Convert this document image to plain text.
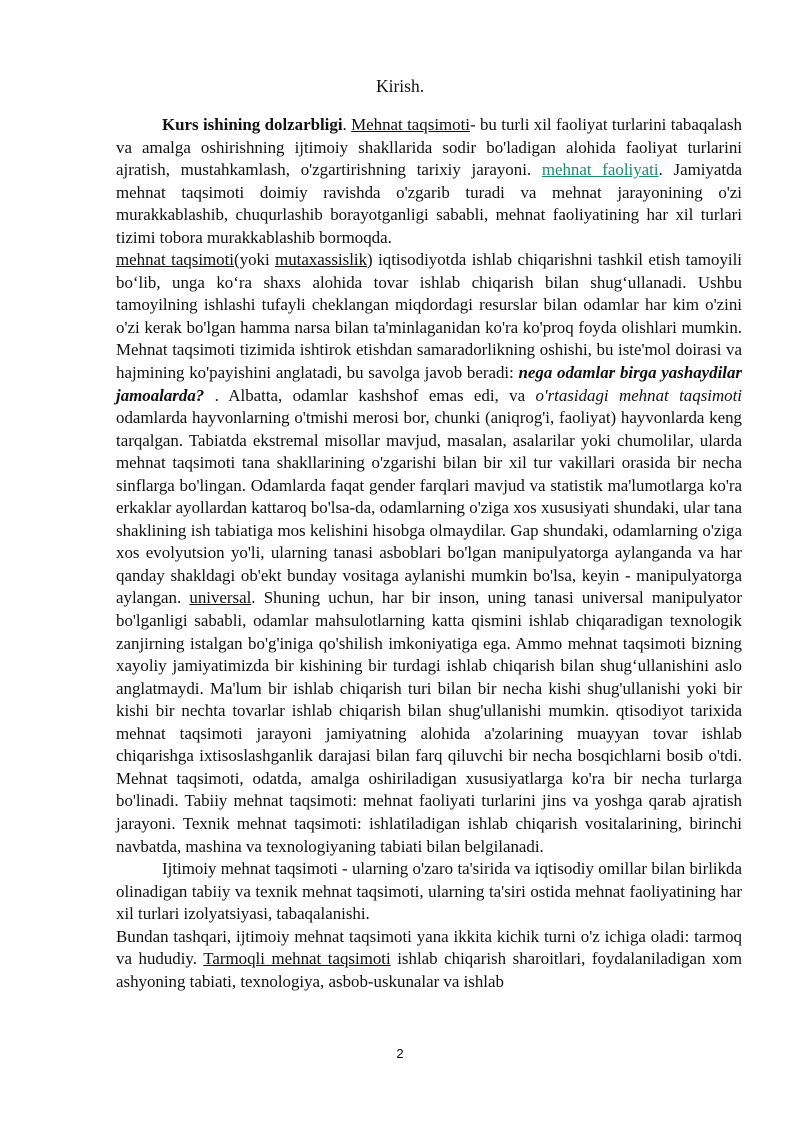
Kirish.

Kurs ishining dolzarbligi. Mehnat taqsimoti- bu turli xil faoliyat turlarini tabaqalash va amalga oshirishning ijtimoiy shakllarida sodir bo'ladigan alohida faoliyat turlarini ajratish, mustahkamlash, o'zgartirishning tarixiy jarayoni. mehnat faoliyati. Jamiyatda mehnat taqsimoti doimiy ravishda o'zgarib turadi va mehnat jarayonining o'zi murakkablashib, chuqurlashib borayotganligi sababli, mehnat faoliyatining har xil turlari tizimi tobora murakkablashib bormoqda.

mehnat taqsimoti(yoki mutaxassislik) iqtisodiyotda ishlab chiqarishni tashkil etish tamoyili bo‘lib, unga ko‘ra shaxs alohida tovar ishlab chiqarish bilan shug‘ullanadi. Ushbu tamoyilning ishlashi tufayli cheklangan miqdordagi resurslar bilan odamlar har kim o'zini o'zi kerak bo'lgan hamma narsa bilan ta'minlaganidan ko'ra ko'proq foyda olishlari mumkin. Mehnat taqsimoti tizimida ishtirok etishdan samaradorlikning oshishi, bu iste'mol doirasi va hajmining ko'payishini anglatadi, bu savolga javob beradi: nega odamlar birga yashaydilar jamoalarda? . Albatta, odamlar kashshof emas edi, va o'rtasidagi mehnat taqsimoti odamlarda hayvonlarning o'tmishi merosi bor, chunki (aniqrog'i, faoliyat) hayvonlarda keng tarqalgan. Tabiatda ekstremal misollar mavjud, masalan, asalarilar yoki chumolilar, ularda mehnat taqsimoti tana shakllarining o'zgarishi bilan bir xil tur vakillari orasida bir necha sinflarga bo'lingan. Odamlarda faqat gender farqlari mavjud va statistik ma'lumotlarga ko'ra erkaklar ayollardan kattaroq bo'lsa-da, odamlarning o'ziga xos xususiyati shundaki, ular tana shaklining ish tabiatiga mos kelishini hisobga olmaydilar. Gap shundaki, odamlarning o'ziga xos evolyutsion yo'li, ularning tanasi asboblari bo'lgan manipulyatorga aylanganda va har qanday shakldagi ob'ekt bunday vositaga aylanishi mumkin bo'lsa, keyin - manipulyatorga aylangan. universal. Shuning uchun, har bir inson, uning tanasi universal manipulyator bo'lganligi sababli, odamlar mahsulotlarning katta qismini ishlab chiqaradigan texnologik zanjirning istalgan bo'g'iniga qo'shilish imkoniyatiga ega. Ammo mehnat taqsimoti bizning xayoliy jamiyatimizda bir kishining bir turdagi ishlab chiqarish bilan shug‘ullanishini aslo anglatmaydi. Ma'lum bir ishlab chiqarish turi bilan bir necha kishi shug'ullanishi yoki bir kishi bir nechta tovarlar ishlab chiqarish bilan shug'ullanishi mumkin. qtisodiyot tarixida mehnat taqsimoti jarayoni jamiyatning alohida a'zolarining muayyan tovar ishlab chiqarishga ixtisoslashganlik darajasi bilan farq qiluvchi bir necha bosqichlarni bosib o'tdi. Mehnat taqsimoti, odatda, amalga oshiriladigan xususiyatlarga ko'ra bir necha turlarga bo'linadi. Tabiiy mehnat taqsimoti: mehnat faoliyati turlarini jins va yoshga qarab ajratish jarayoni. Texnik mehnat taqsimoti: ishlatiladigan ishlab chiqarish vositalarining, birinchi navbatda, mashina va texnologiyaning tabiati bilan belgilanadi.

Ijtimoiy mehnat taqsimoti - ularning o'zaro ta'sirida va iqtisodiy omillar bilan birlikda olinadigan tabiiy va texnik mehnat taqsimoti, ularning ta'siri ostida mehnat faoliyatining har xil turlari izolyatsiyasi, tabaqalanishi.

Bundan tashqari, ijtimoiy mehnat taqsimoti yana ikkita kichik turni o'z ichiga oladi: tarmoq va hududiy. Tarmoqli mehnat taqsimoti ishlab chiqarish sharoitlari, foydalaniladigan xom ashyoning tabiati, texnologiya, asbob-uskunalar va ishlab

2
